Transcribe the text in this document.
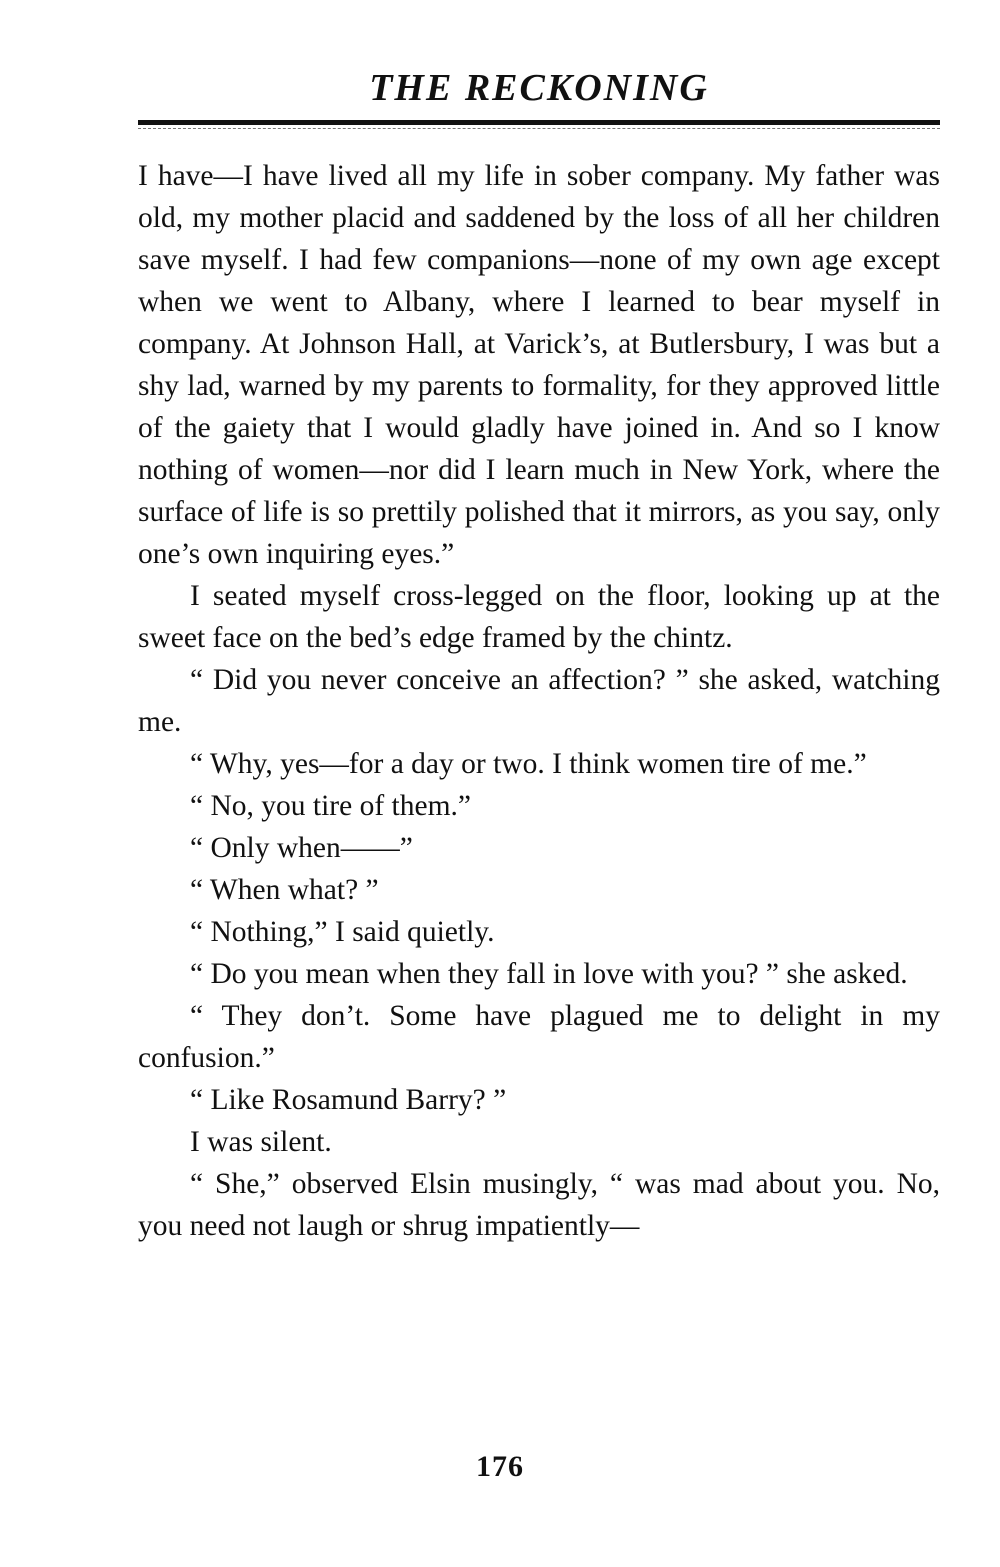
THE RECKONING

I have—I have lived all my life in sober company. My father was old, my mother placid and saddened by the loss of all her children save myself. I had few companions—none of my own age except when we went to Albany, where I learned to bear myself in company. At Johnson Hall, at Varick’s, at Butlersbury, I was but a shy lad, warned by my parents to formality, for they approved little of the gaiety that I would gladly have joined in. And so I know nothing of women—nor did I learn much in New York, where the surface of life is so prettily polished that it mirrors, as you say, only one’s own inquiring eyes.”

I seated myself cross-legged on the floor, looking up at the sweet face on the bed’s edge framed by the chintz.

“ Did you never conceive an affection? ” she asked, watching me.

“ Why, yes—for a day or two. I think women tire of me.”

“ No, you tire of them.”

“ Only when——”

“ When what? ”

“ Nothing,” I said quietly.

“ Do you mean when they fall in love with you? ” she asked.

“ They don’t. Some have plagued me to delight in my confusion.”

“ Like Rosamund Barry? ”

I was silent.

“ She,” observed Elsin musingly, “ was mad about you. No, you need not laugh or shrug impatiently—

176
